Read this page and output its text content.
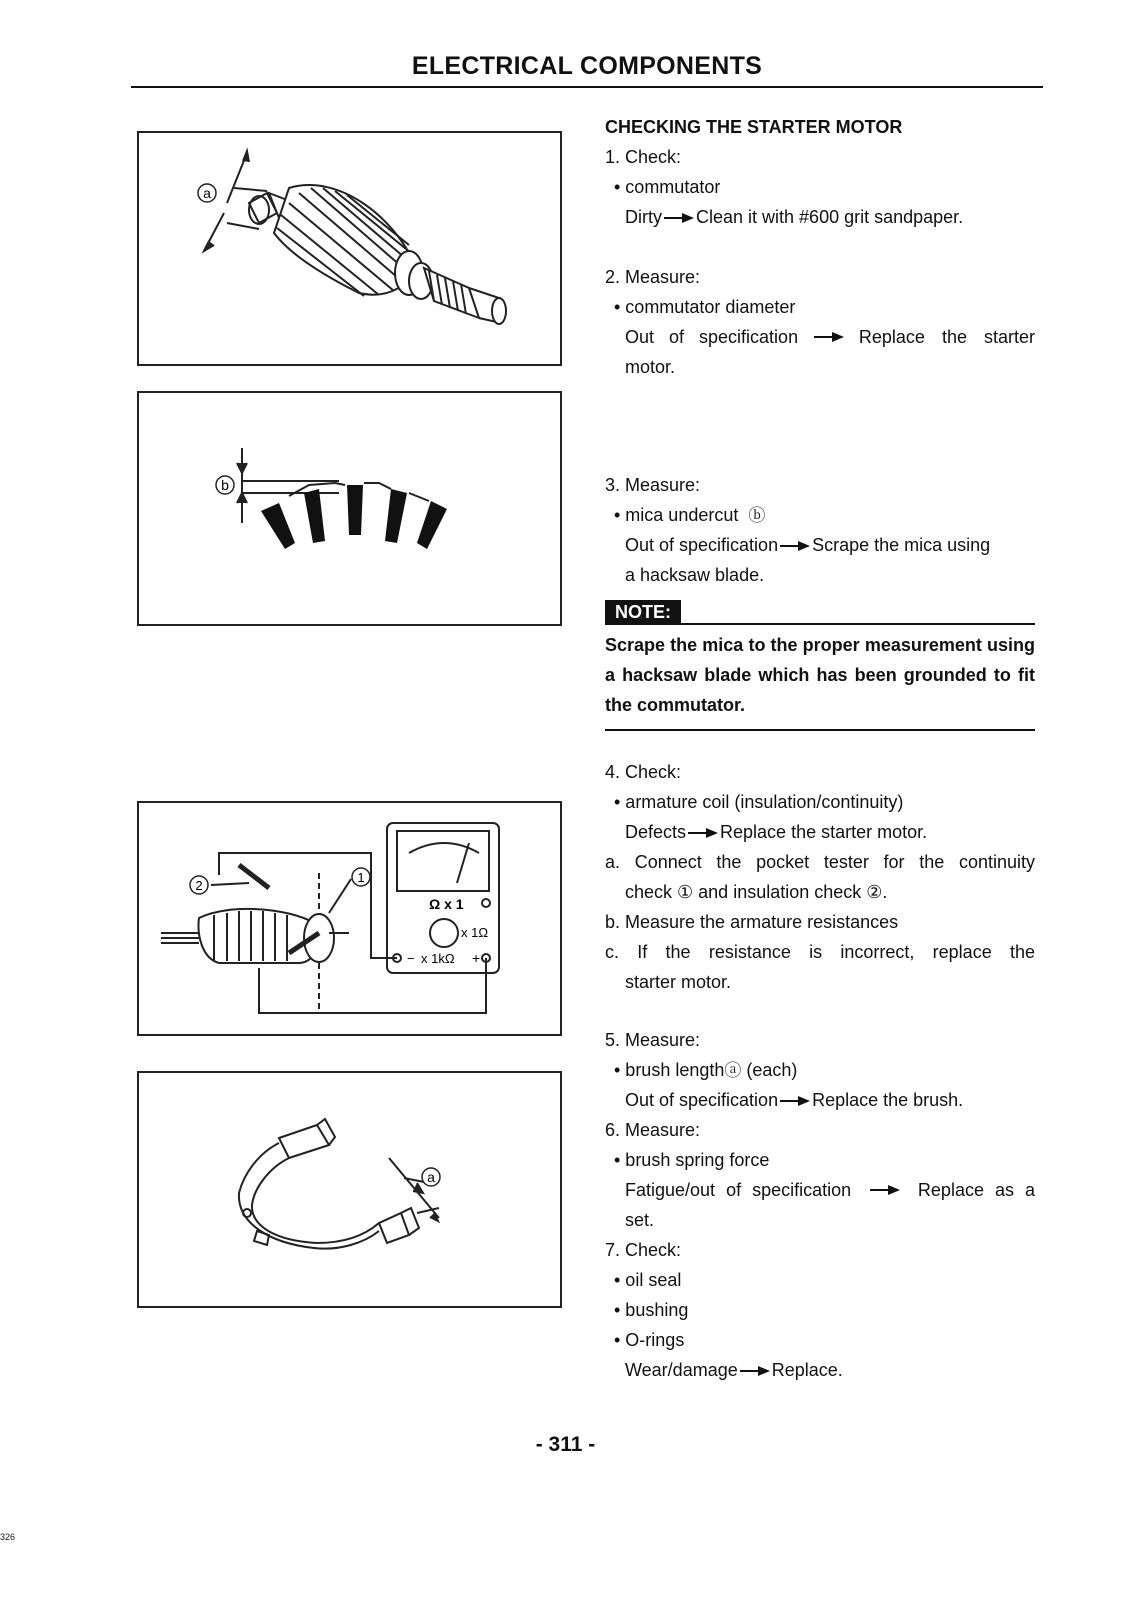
ELECTRICAL COMPONENTS
a
b
2
1
Ω x 1
x 1Ω
− x 1kΩ +
a
CHECKING THE STARTER MOTOR
1. Check:
• commutator
Dirty Clean it with #600 grit sandpaper.
2. Measure:
• commutator diameter
Out of specification	Replace the starter
motor.
3. Measure:
• mica undercut ⓑ
Out of specification Scrape the mica using
a hacksaw blade.
NOTE:
Scrape the mica to the proper measurement using a hacksaw blade which has been grounded to fit the commutator.
4. Check:
• armature coil (insulation/continuity)
Defects Replace the starter motor.
a. Connect the pocket tester for the continuity
check ① and insulation check ②.
b. Measure the armature resistances
c. If the resistance is incorrect, replace the
starter motor.
5. Measure:
• brush lengthⓐ (each)
Out of specification Replace the brush.
6. Measure:
• brush spring force
Fatigue/out of specification	Replace as a
set.
7. Check:
• oil seal
• bushing
• O-rings
Wear/damage Replace.
- 311 -
326
